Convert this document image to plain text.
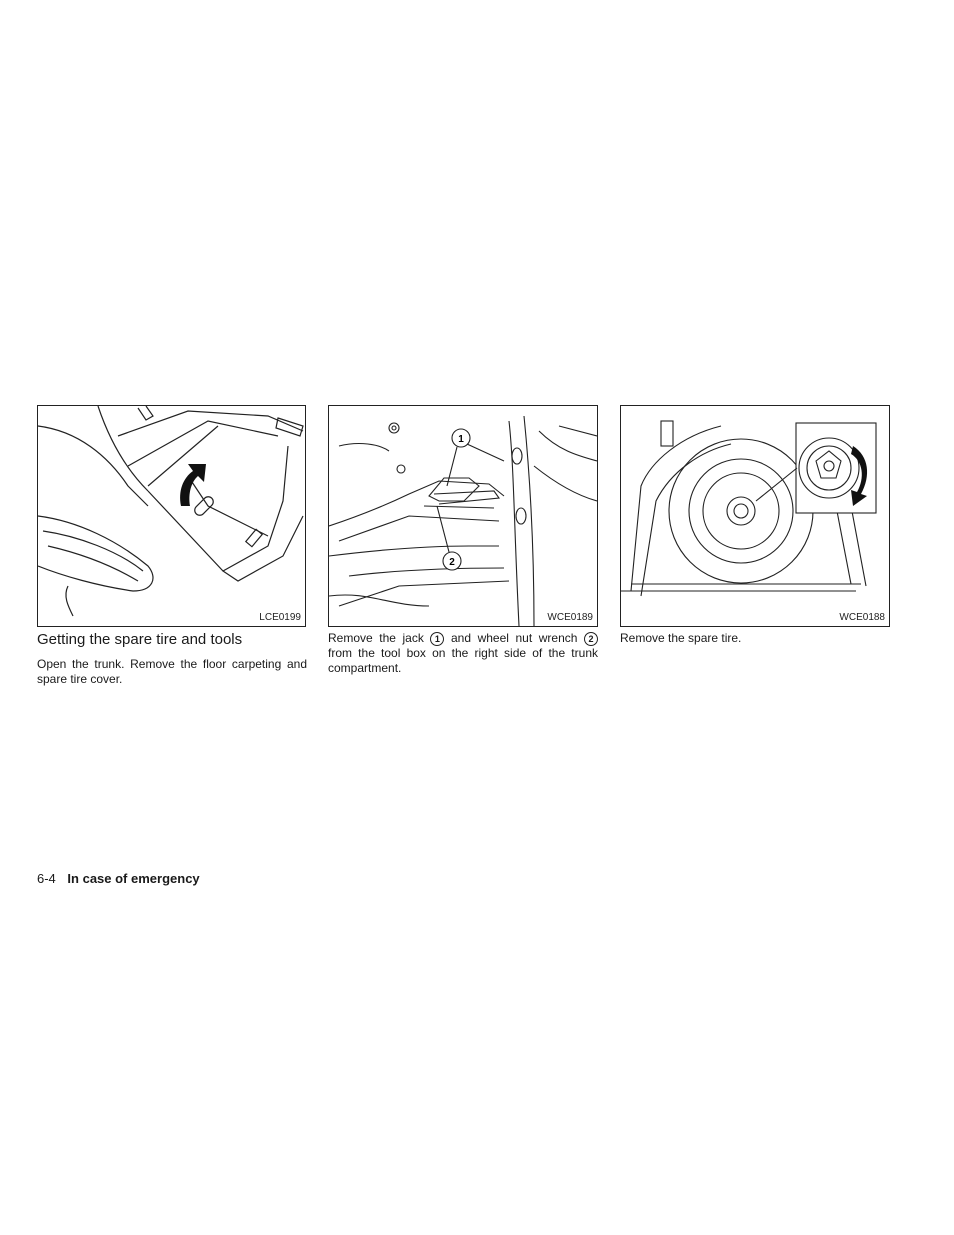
LCE0199
1
2
WCE0189	WCE0188
Getting the spare tire and tools

Open the trunk. Remove the floor carpeting and spare tire cover.

Remove the jack 1 and wheel nut wrench 2 from the tool box on the right side of the trunk compartment.

Remove the spare tire.

6-4 In case of emergency
